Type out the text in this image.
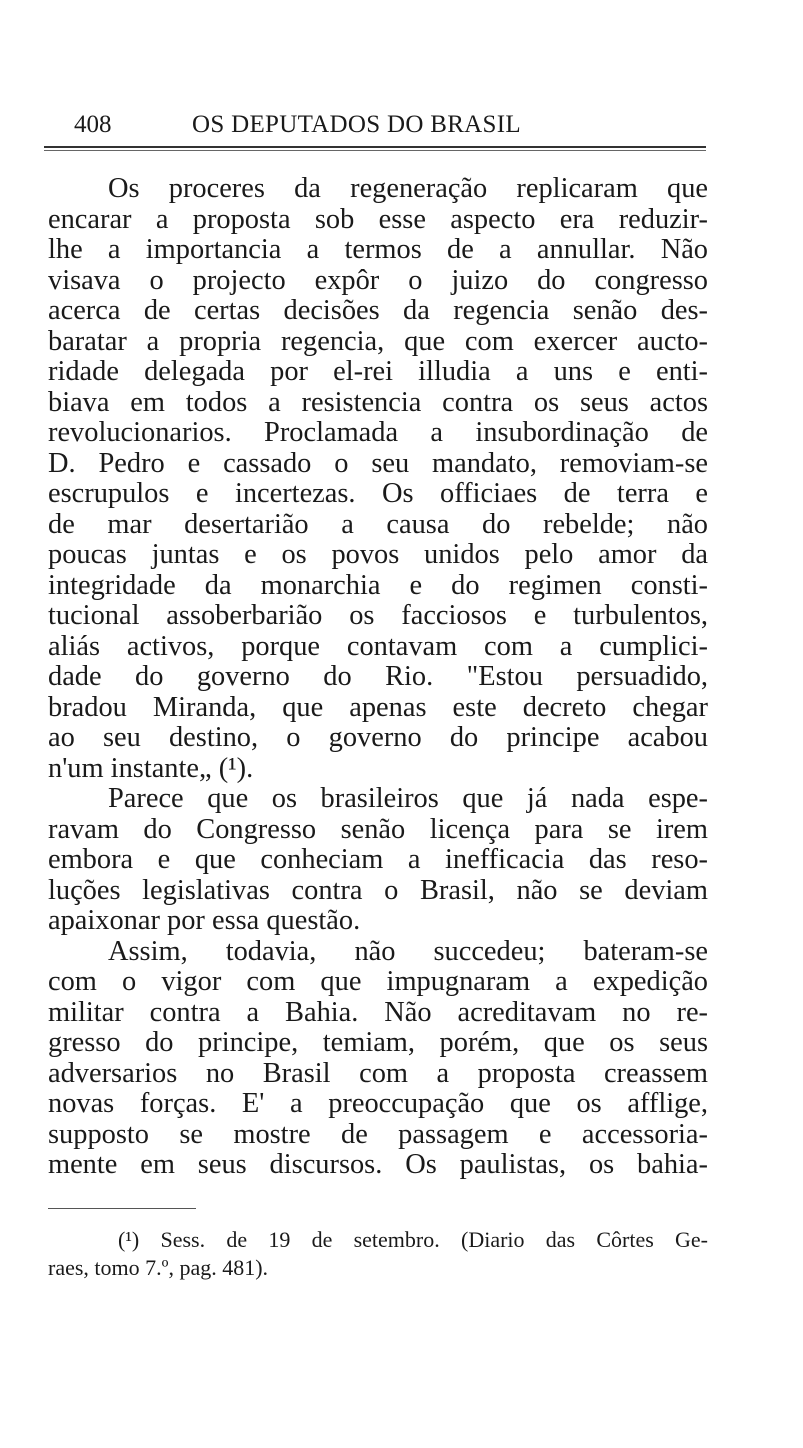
408	OS DEPUTADOS DO BRASIL
Os proceres da regeneração replicaram que
encarar a proposta sob esse aspecto era reduzir-
lhe a importancia a termos de a annullar. Não
visava o projecto expôr o juizo do congresso
acerca de certas decisões da regencia senão des-
baratar a propria regencia, que com exercer aucto-
ridade delegada por el-rei illudia a uns e enti-
biava em todos a resistencia contra os seus actos
revolucionarios. Proclamada a insubordinação de
D. Pedro e cassado o seu mandato, removiam-se
escrupulos e incertezas. Os officiaes de terra e
de mar desertarião a causa do rebelde; não
poucas juntas e os povos unidos pelo amor da
integridade da monarchia e do regimen consti-
tucional assoberbarião os facciosos e turbulentos,
aliás activos, porque contavam com a cumplici-
dade do governo do Rio. "Estou persuadido,
bradou Miranda, que apenas este decreto chegar
ao seu destino, o governo do principe acabou
n'um instante„ (¹).
Parece que os brasileiros que já nada espe-
ravam do Congresso senão licença para se irem
embora e que conheciam a inefficacia das reso-
luções legislativas contra o Brasil, não se deviam
apaixonar por essa questão.
Assim, todavia, não succedeu; bateram-se
com o vigor com que impugnaram a expedição
militar contra a Bahia. Não acreditavam no re-
gresso do principe, temiam, porém, que os seus
adversarios no Brasil com a proposta creassem
novas forças. E' a preoccupação que os afflige,
supposto se mostre de passagem e accessoria-
mente em seus discursos. Os paulistas, os bahia-
(¹) Sess. de 19 de setembro. (Diario das Côrtes Ge-
raes, tomo 7.º, pag. 481).
